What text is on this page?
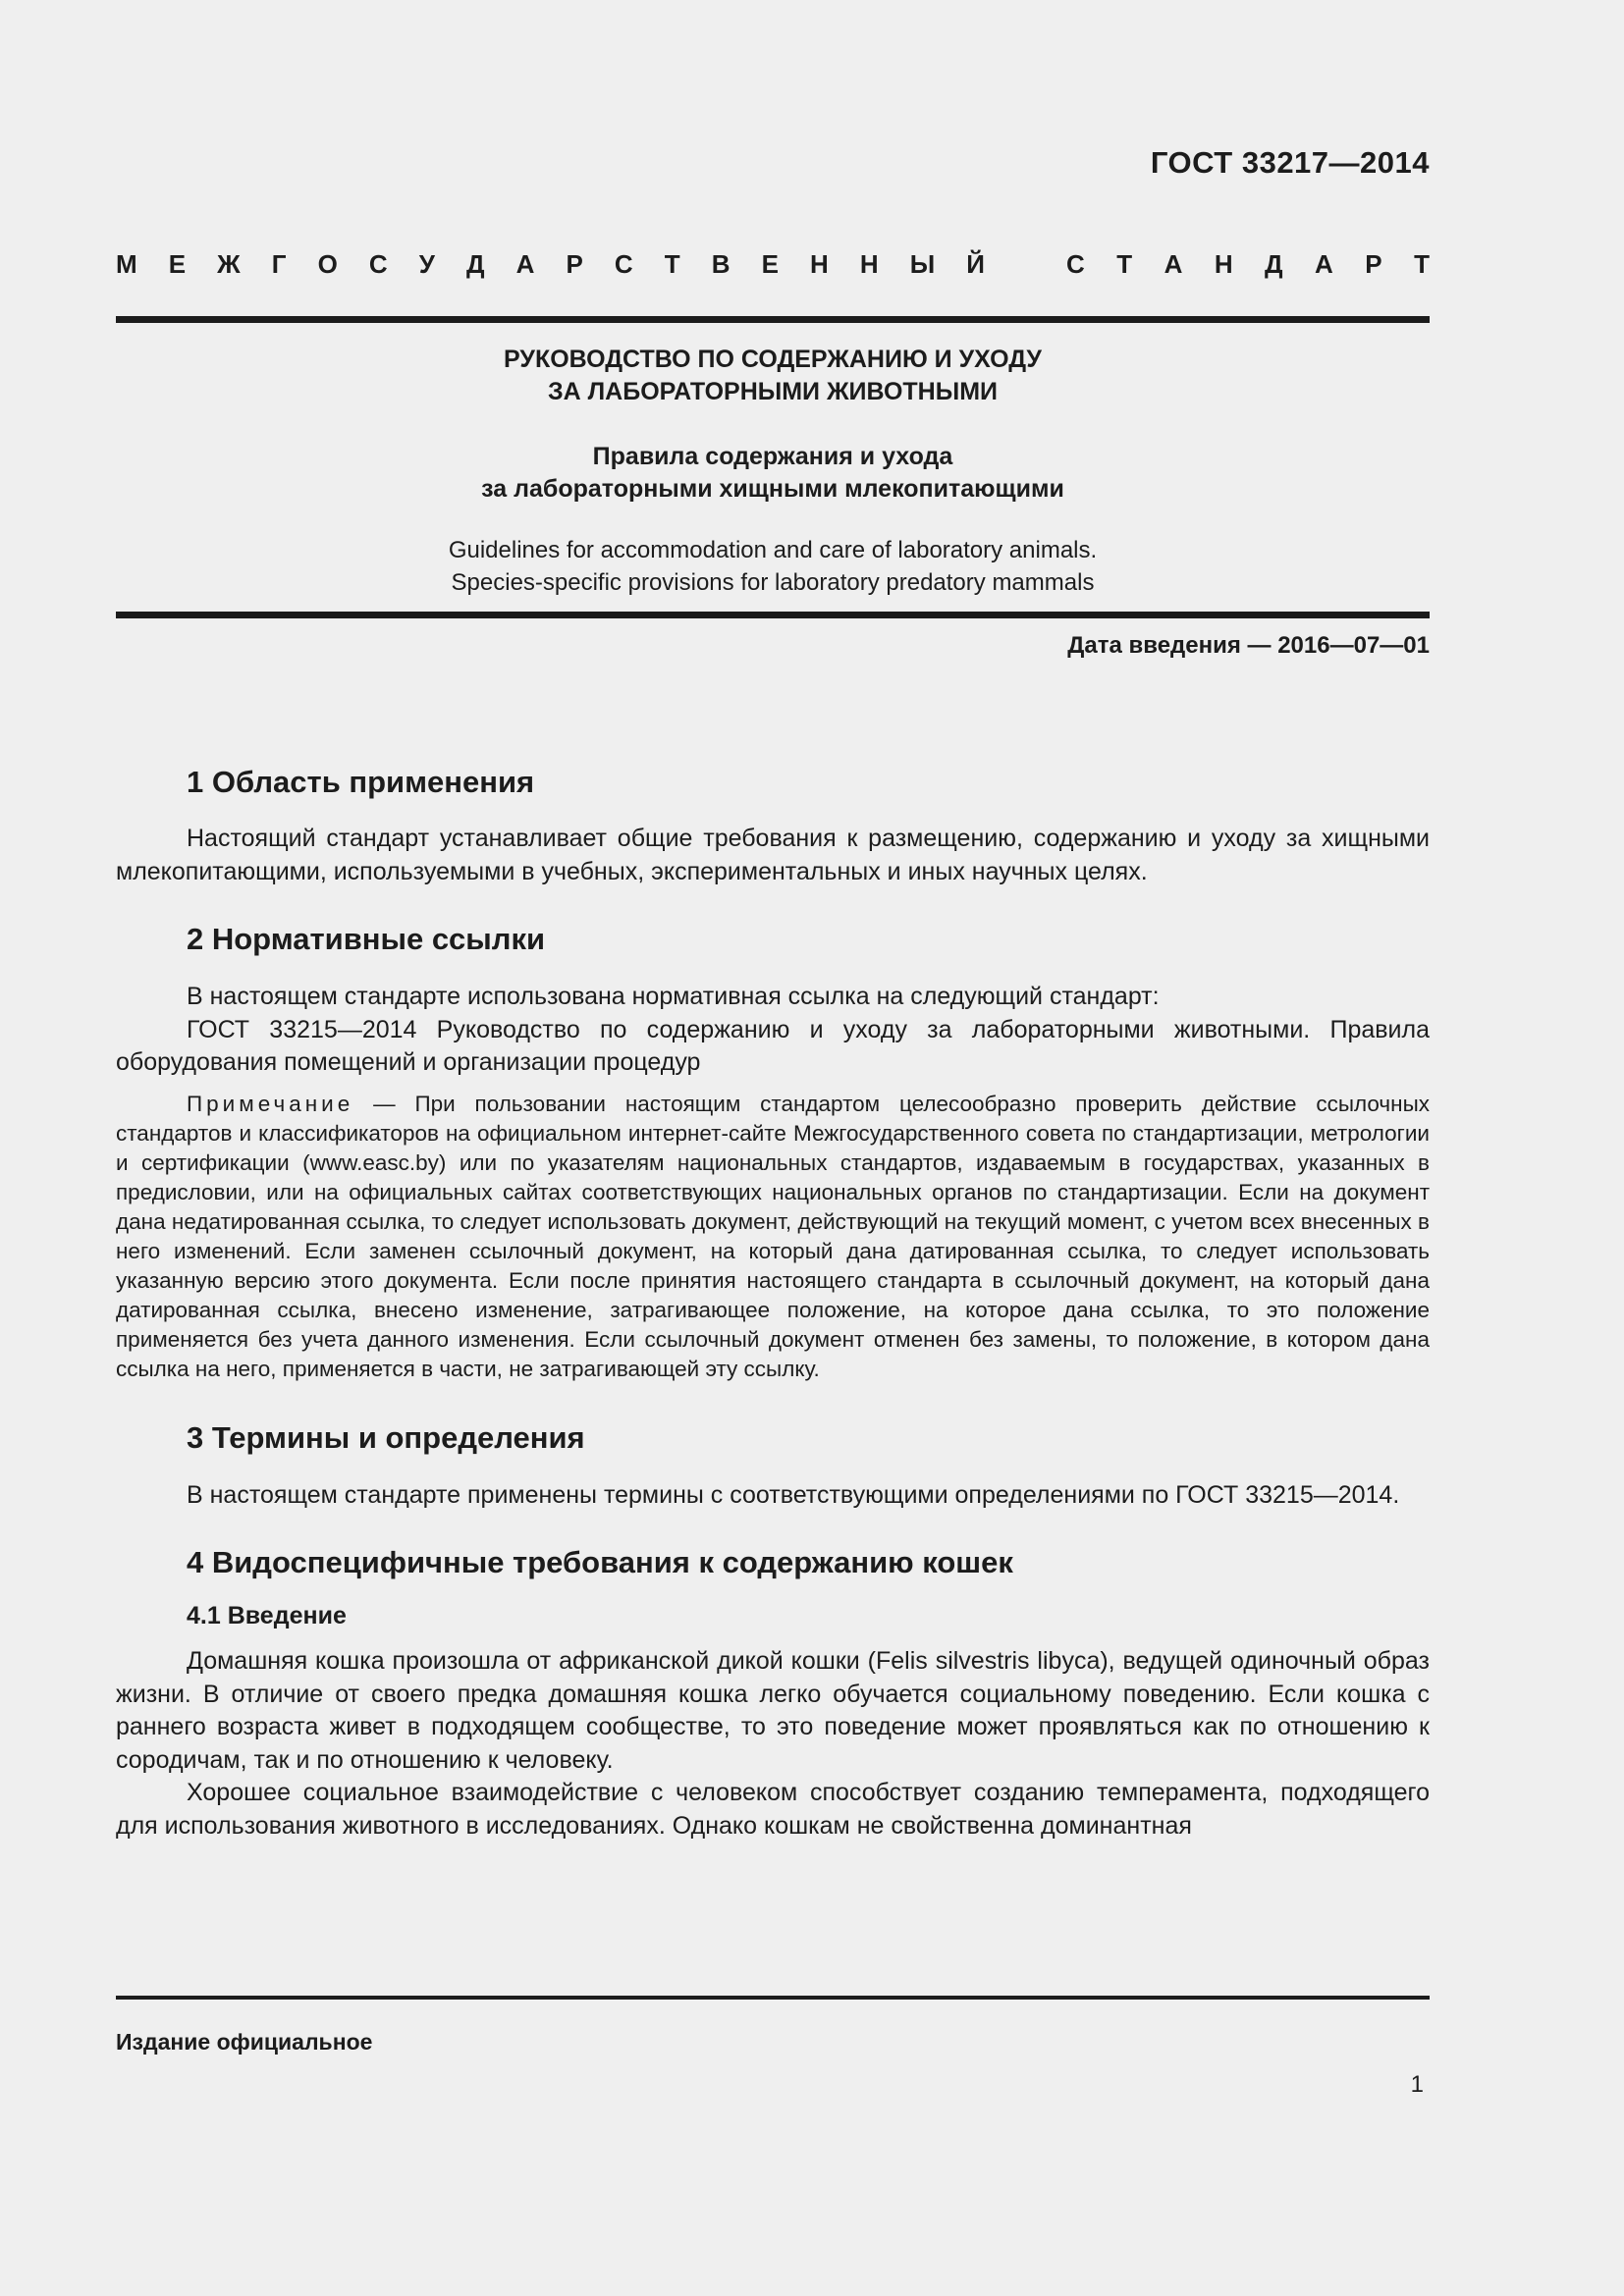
ГОСТ 33217—2014
М Е Ж Г О С У Д А Р С Т В Е Н Н Ы Й	С Т А Н Д А Р Т
РУКОВОДСТВО ПО СОДЕРЖАНИЮ И УХОДУ
ЗА ЛАБОРАТОРНЫМИ ЖИВОТНЫМИ
Правила содержания и ухода
за лабораторными хищными млекопитающими
Guidelines for accommodation and care of laboratory animals.
Species-specific provisions for laboratory predatory mammals
Дата введения — 2016—07—01
1 Область применения

Настоящий стандарт устанавливает общие требования к размещению, содержанию и уходу за хищными млекопитающими, используемыми в учебных, экспериментальных и иных научных целях.

2 Нормативные ссылки

В настоящем стандарте использована нормативная ссылка на следующий стандарт:

ГОСТ 33215—2014 Руководство по содержанию и уходу за лабораторными животными. Правила оборудования помещений и организации процедур

Примечание — При пользовании настоящим стандартом целесообразно проверить действие ссылочных стандартов и классификаторов на официальном интернет-сайте Межгосударственного совета по стандартизации, метрологии и сертификации (www.easc.by) или по указателям национальных стандартов, издаваемым в государствах, указанных в предисловии, или на официальных сайтах соответствующих национальных органов по стандартизации. Если на документ дана недатированная ссылка, то следует использовать документ, действующий на текущий момент, с учетом всех внесенных в него изменений. Если заменен ссылочный документ, на который дана датированная ссылка, то следует использовать указанную версию этого документа. Если после принятия настоящего стандарта в ссылочный документ, на который дана датированная ссылка, внесено изменение, затрагивающее положение, на которое дана ссылка, то это положение применяется без учета данного изменения. Если ссылочный документ отменен без замены, то положение, в котором дана ссылка на него, применяется в части, не затрагивающей эту ссылку.
3 Термины и определения

В настоящем стандарте применены термины с соответствующими определениями по ГОСТ 33215—2014.

4 Видоспецифичные требования к содержанию кошек
4.1 Введение

Домашняя кошка произошла от африканской дикой кошки (Felis silvestris libyca), ведущей одиночный образ жизни. В отличие от своего предка домашняя кошка легко обучается социальному поведению. Если кошка с раннего возраста живет в подходящем сообществе, то это поведение может проявляться как по отношению к сородичам, так и по отношению к человеку.

Хорошее социальное взаимодействие с человеком способствует созданию темперамента, подходящего для использования животного в исследованиях. Однако кошкам не свойственна доминантная

Издание официальное
1
